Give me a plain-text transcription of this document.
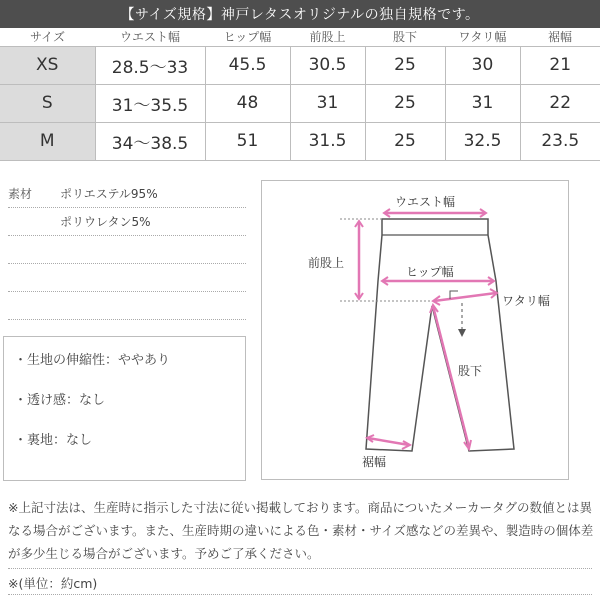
【サイズ規格】神戸レタスオリジナルの独自規格です。
サイズ	ウエスト幅	ヒップ幅	前股上	股下	ワタリ幅	裾幅
XS	28.5〜33	45.5	30.5	25	30	21
S	31〜35.5	48	31	25	31	22
M	34〜38.5	51	31.5	25	32.5	23.5
素材	ポリエステル95%
ポリウレタン5%
・生地の伸縮性：ややあり
・透け感：なし
・裏地：なし
ウエスト幅
前股上
ヒップ幅
ワタリ幅
股下
裾幅
※上記寸法は、生産時に指示した寸法に従い掲載しております。商品についたメーカータグの数値とは異なる場合がございます。また、生産時期の違いによる色・素材・サイズ感などの差異や、製造時の個体差が多少生じる場合がございます。予めご了承ください。
※(単位：約cm)
